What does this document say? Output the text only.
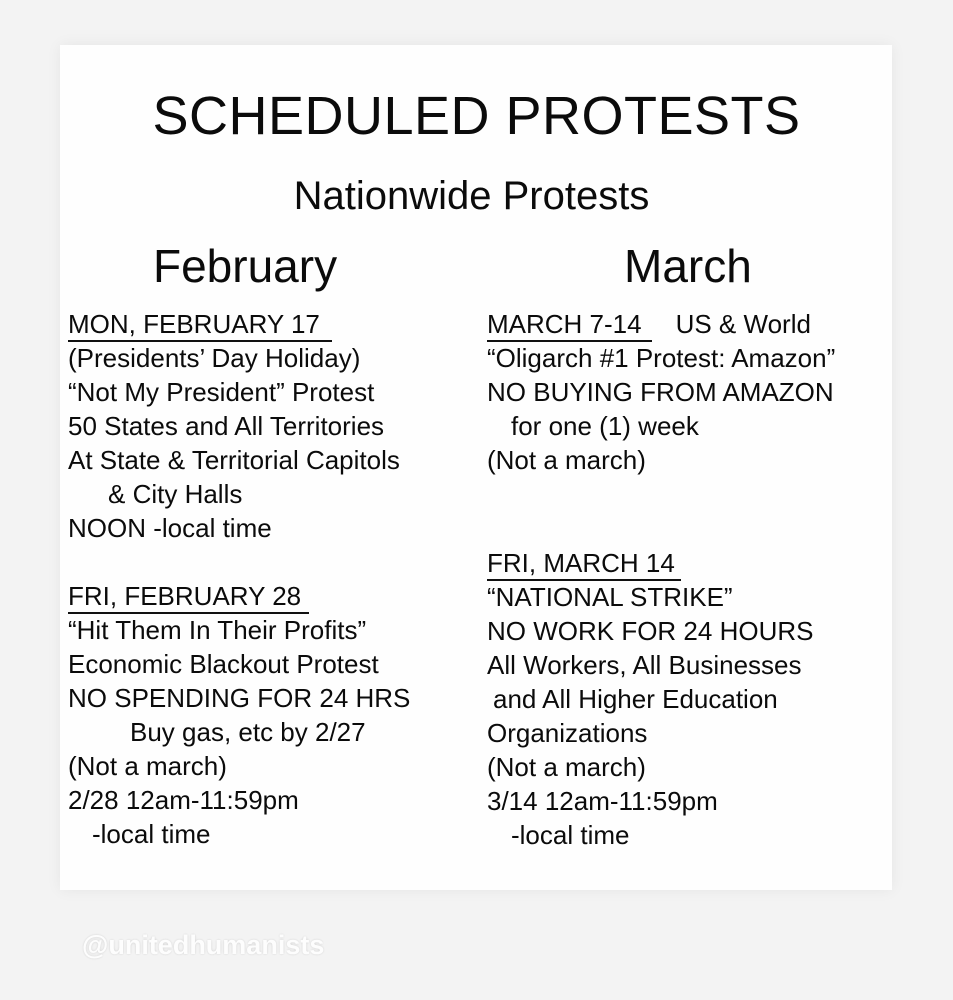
SCHEDULED PROTESTS
Nationwide Protests
February	March
MON, FEBRUARY 17
(Presidents’ Day Holiday)
“Not My President” Protest
50 States and All Territories
At State & Territorial Capitols
& City Halls
NOON -local time
FRI, FEBRUARY 28
“Hit Them In Their Profits”
Economic Blackout Protest
NO SPENDING FOR 24 HRS
Buy gas, etc by 2/27
(Not a march)
2/28 12am-11:59pm
-local time
MARCH 7-14 US & World
“Oligarch #1 Protest: Amazon”
NO BUYING FROM AMAZON
for one (1) week
(Not a march)
FRI, MARCH 14
“NATIONAL STRIKE”
NO WORK FOR 24 HOURS
All Workers, All Businesses
and All Higher Education
Organizations
(Not a march)
3/14 12am-11:59pm
-local time
@unitedhumanists
